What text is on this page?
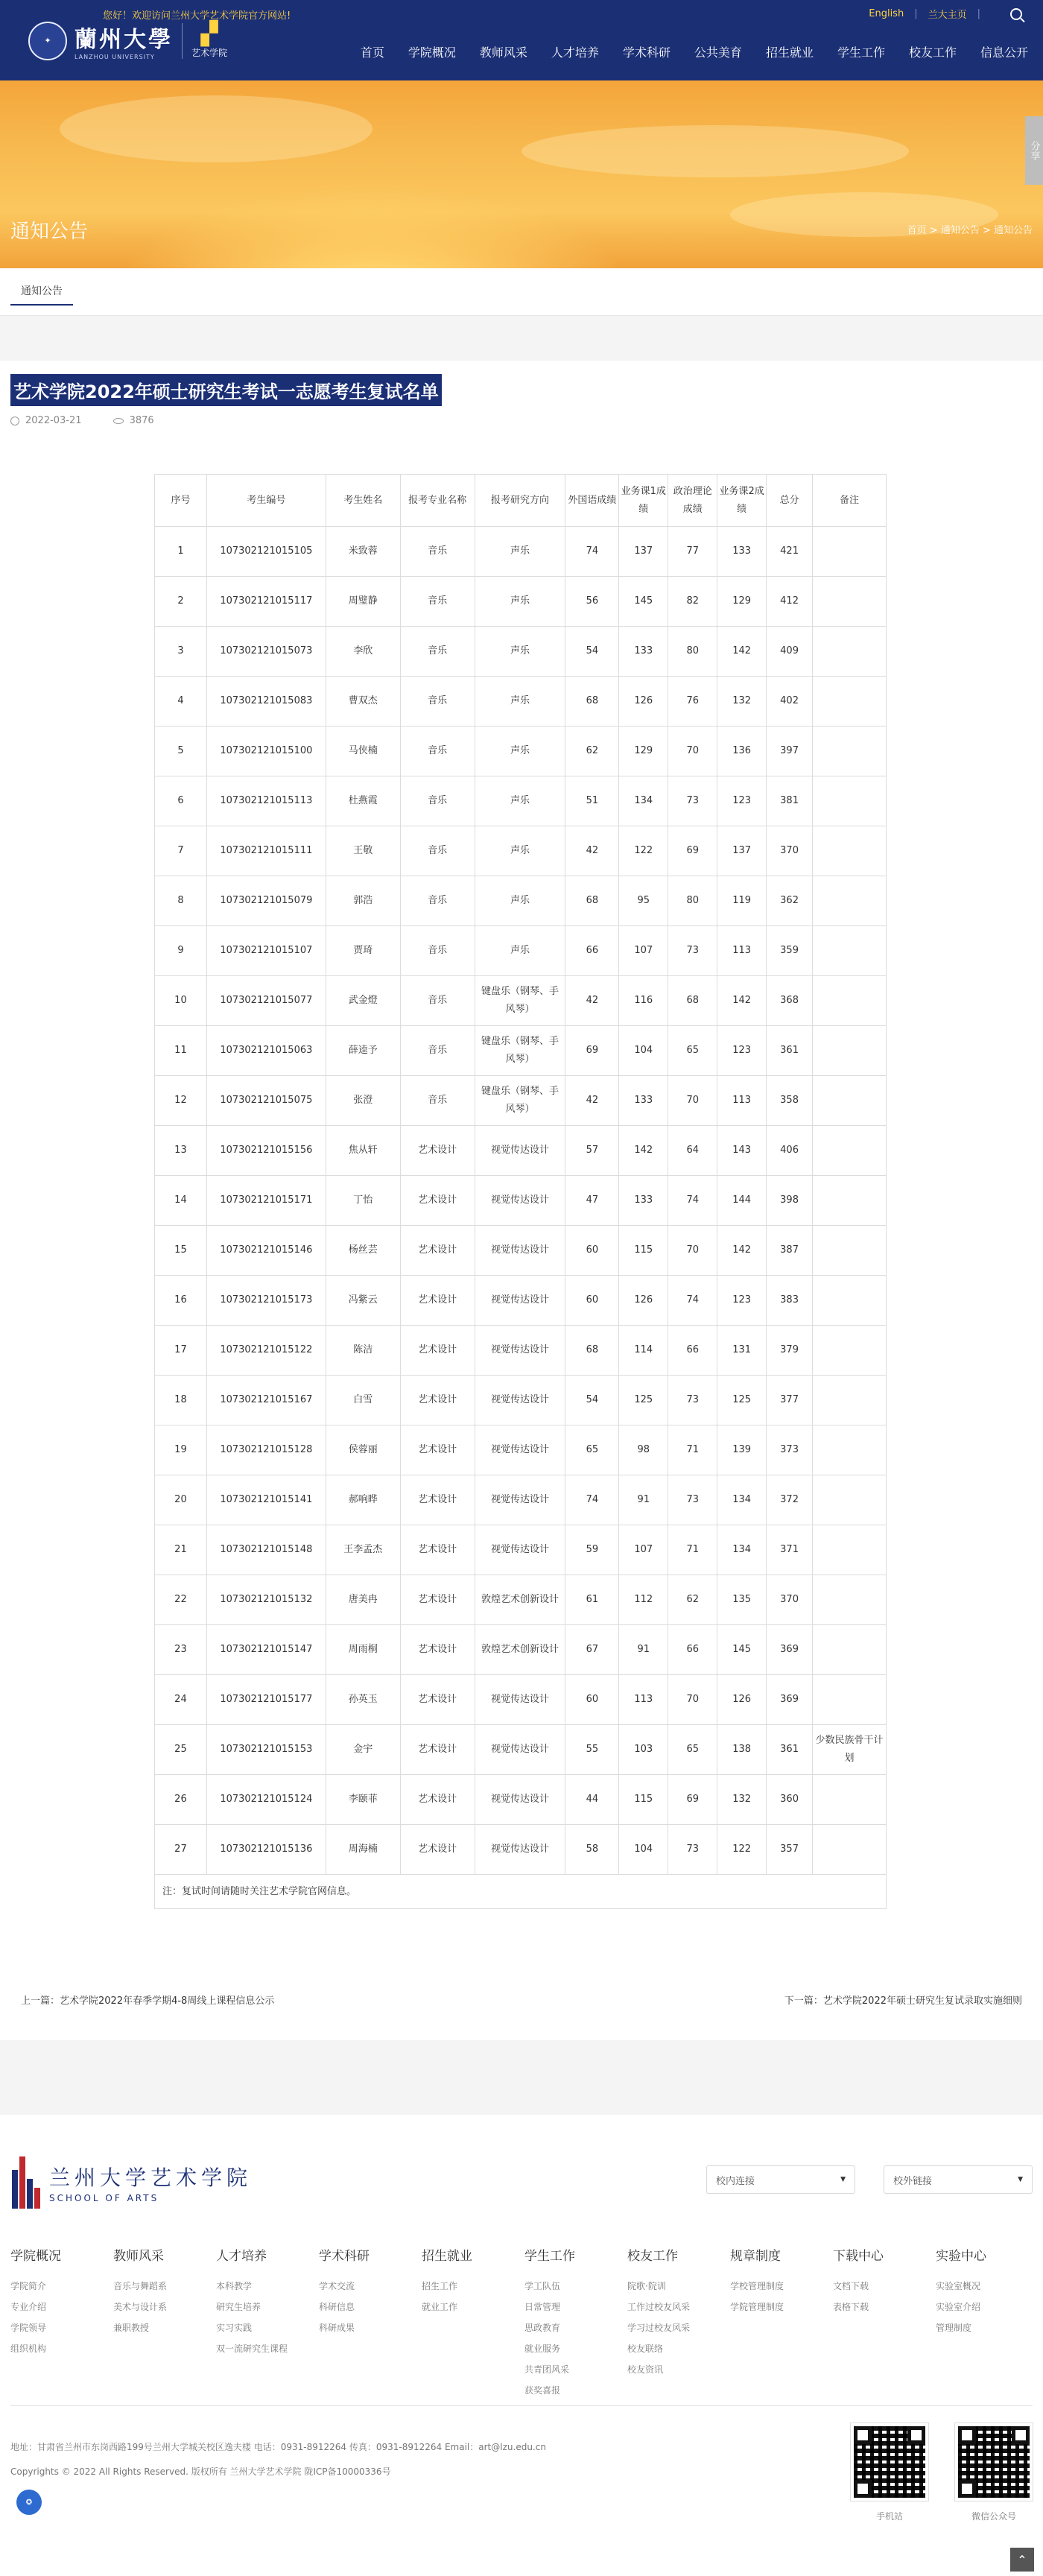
您好！欢迎访问兰州大学艺术学院官方网站!	English | 兰大主页 |
✦	蘭州大學
LANZHOU UNIVERSITY
▞
艺术学院	首页 学院概况 教师风采 人才培养 学术科研 公共美育 招生就业 学生工作 校友工作 信息公开
通知公告	首页 > 通知公告 > 通知公告
分享
通知公告
艺术学院2022年硕士研究生考试一志愿考生复试名单
2022-03-21	3876
序号	考生编号	考生姓名	报考专业名称	报考研究方向	外国语成绩	业务课1成绩	政治理论成绩	业务课2成绩	总分	备注
1	107302121015105	米致蓉	音乐	声乐	74	137	77	133	421	
2	107302121015117	周璧静	音乐	声乐	56	145	82	129	412	
3	107302121015073	李欣	音乐	声乐	54	133	80	142	409	
4	107302121015083	曹双杰	音乐	声乐	68	126	76	132	402	
5	107302121015100	马侠楠	音乐	声乐	62	129	70	136	397	
6	107302121015113	杜燕霞	音乐	声乐	51	134	73	123	381	
7	107302121015111	王敬	音乐	声乐	42	122	69	137	370	
8	107302121015079	郭浩	音乐	声乐	68	95	80	119	362	
9	107302121015107	贾琦	音乐	声乐	66	107	73	113	359	
10	107302121015077	武金燈	音乐	键盘乐（钢琴、手风琴）	42	116	68	142	368	
11	107302121015063	薛逵予	音乐	键盘乐（钢琴、手风琴）	69	104	65	123	361	
12	107302121015075	张澄	音乐	键盘乐（钢琴、手风琴）	42	133	70	113	358	
13	107302121015156	焦从轩	艺术设计	视觉传达设计	57	142	64	143	406	
14	107302121015171	丁怡	艺术设计	视觉传达设计	47	133	74	144	398	
15	107302121015146	杨丝芸	艺术设计	视觉传达设计	60	115	70	142	387	
16	107302121015173	冯紫云	艺术设计	视觉传达设计	60	126	74	123	383	
17	107302121015122	陈洁	艺术设计	视觉传达设计	68	114	66	131	379	
18	107302121015167	白雪	艺术设计	视觉传达设计	54	125	73	125	377	
19	107302121015128	侯蓉丽	艺术设计	视觉传达设计	65	98	71	139	373	
20	107302121015141	郝响晔	艺术设计	视觉传达设计	74	91	73	134	372	
21	107302121015148	王李孟杰	艺术设计	视觉传达设计	59	107	71	134	371	
22	107302121015132	唐美冉	艺术设计	敦煌艺术创新设计	61	112	62	135	370	
23	107302121015147	周雨桐	艺术设计	敦煌艺术创新设计	67	91	66	145	369	
24	107302121015177	孙英玉	艺术设计	视觉传达设计	60	113	70	126	369	
25	107302121015153	金宇	艺术设计	视觉传达设计	55	103	65	138	361	少数民族骨干计划
26	107302121015124	李颐菲	艺术设计	视觉传达设计	44	115	69	132	360	
27	107302121015136	周海楠	艺术设计	视觉传达设计	58	104	73	122	357	
注：复试时间请随时关注艺术学院官网信息。										
上一篇：艺术学院2022年春季学期4-8周线上课程信息公示	下一篇：艺术学院2022年硕士研究生复试录取实施细则
兰州大学艺术学院
SCHOOL OF ARTS
校内连接	▼	校外链接	▼
学院概况
学院简介
专业介绍
学院领导
组织机构
教师风采
音乐与舞蹈系
美术与设计系
兼职教授
人才培养
本科教学
研究生培养
实习实践
双一流研究生课程
学术科研
学术交流
科研信息
科研成果
招生就业
招生工作
就业工作
学生工作
学工队伍
日常管理
思政教育
就业服务
共青团风采
获奖喜报
校友工作
院歌·院训
工作过校友风采
学习过校友风采
校友联络
校友资讯
规章制度
学校管理制度
学院管理制度
下载中心
文档下载
表格下载
实验中心
实验室概况
实验室介绍
管理制度
地址：甘肃省兰州市东岗西路199号兰州大学城关校区逸夫楼 电话：0931-8912264 传真：0931-8912264 Email：art@lzu.edu.cn
Copyrights © 2022 All Rights Reserved. 版权所有 兰州大学艺术学院 陇ICP备10000336号
✪
手机站	微信公众号
⌃
